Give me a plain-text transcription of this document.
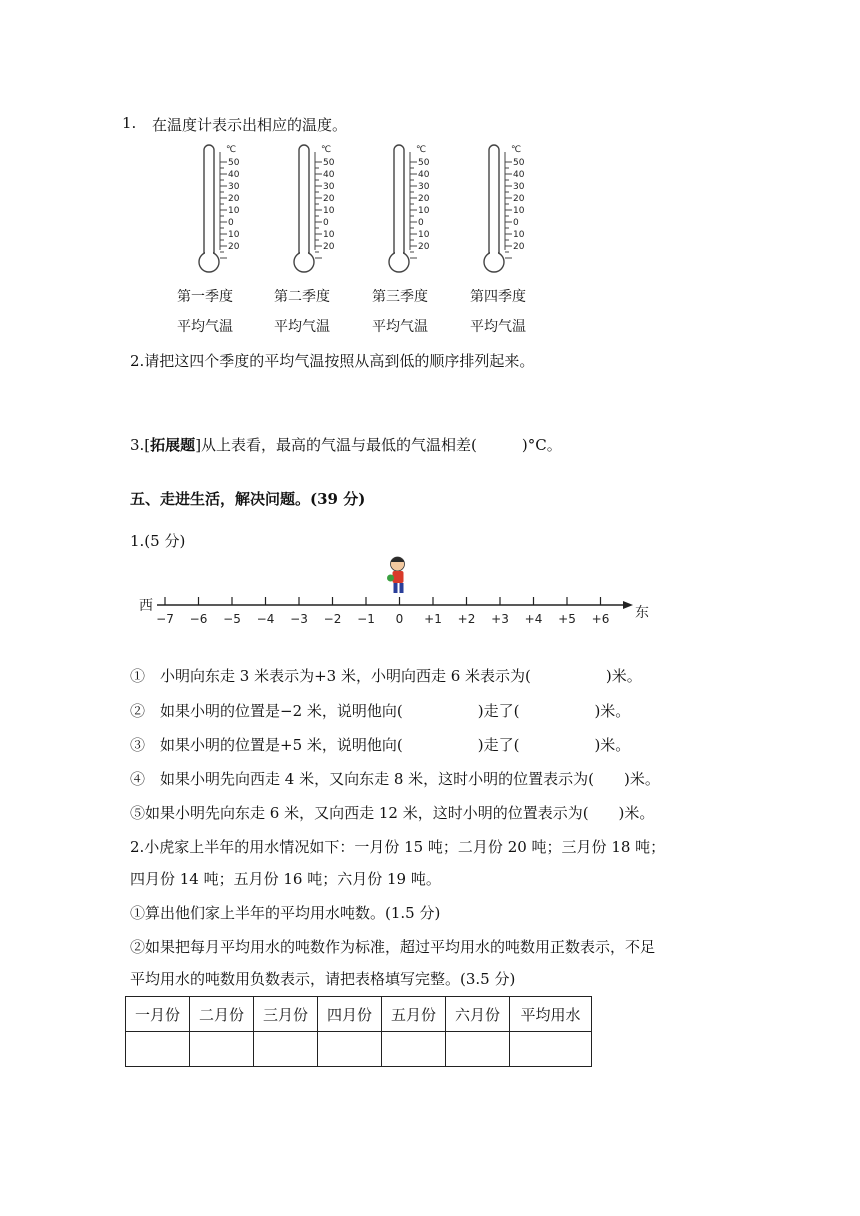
1. 在温度计表示出相应的温度。
℃
50
40
30
20
10
0
10
20
℃
50
40
30
20
10
0
10
20
℃
50
40
30
20
10
0
10
20
℃
50
40
30
20
10
0
10
20
第一季度
平均气温
第二季度
平均气温
第三季度
平均气温
第四季度
平均气温
2.请把这四个季度的平均气温按照从高到低的顺序排列起来。
3.[拓展题]从上表看，最高的气温与最低的气温相差(　　　)°C。
五、走进生活，解决问题。(39 分)
1.(5 分)
西	东
−7 −6 −5 −4 −3 −2 −1 0 +1 +2 +3 +4 +5 +6
①　小明向东走 3 米表示为+3 米，小明向西走 6 米表示为(　　　　　)米。
②　如果小明的位置是−2 米，说明他向(　　　　　)走了(　　　　　)米。
③　如果小明的位置是+5 米，说明他向(　　　　　)走了(　　　　　)米。
④　如果小明先向西走 4 米，又向东走 8 米，这时小明的位置表示为(　　)米。
⑤如果小明先向东走 6 米，又向西走 12 米，这时小明的位置表示为(　　)米。
2.小虎家上半年的用水情况如下：一月份 15 吨；二月份 20 吨；三月份 18 吨；
四月份 14 吨；五月份 16 吨；六月份 19 吨。
①算出他们家上半年的平均用水吨数。(1.5 分)
②如果把每月平均用水的吨数作为标准，超过平均用水的吨数用正数表示，不足
平均用水的吨数用负数表示，请把表格填写完整。(3.5 分)
一月份	二月份	三月份	四月份	五月份	六月份	平均用水
